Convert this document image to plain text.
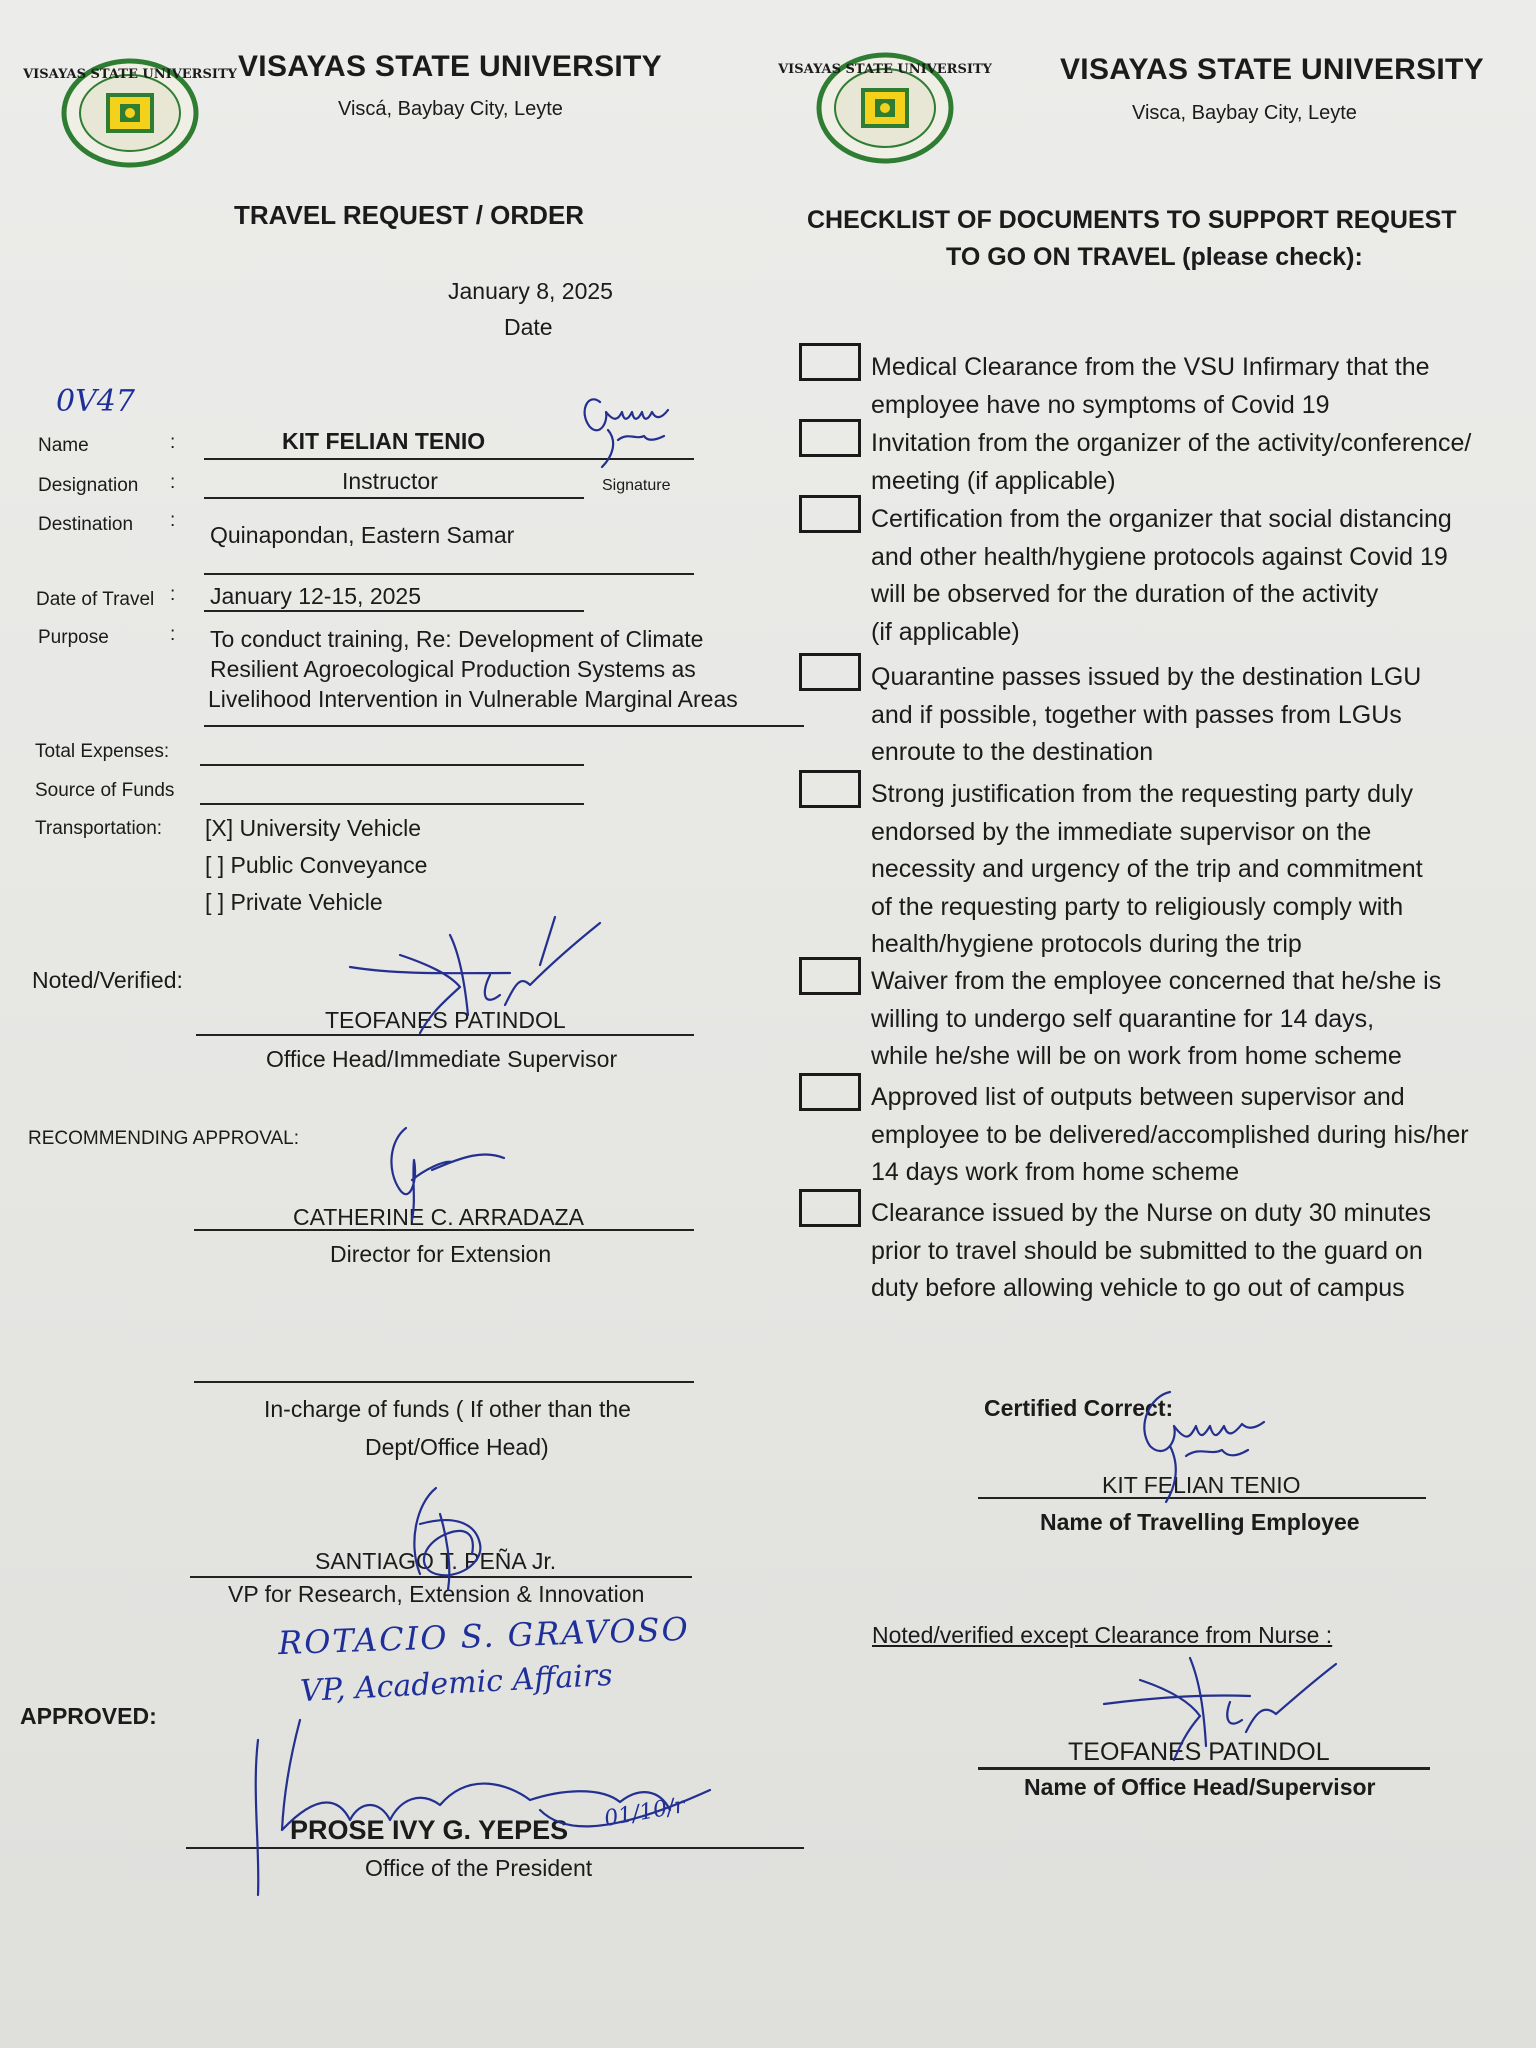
VISAYAS STATE UNIVERSITY	VISAYAS STATE UNIVERSITY
VISAYAS STATE UNIVERSITY
Viscá, Baybay City, Leyte
VISAYAS STATE UNIVERSITY
Visca, Baybay City, Leyte
TRAVEL REQUEST / ORDER
January 8, 2025
Date
0V47
Name	:	KIT FELIAN TENIO
Designation :	Instructor	Signature
Destination :
Quinapondan, Eastern Samar
Date of Travel : January 12-15, 2025
Purpose	: To conduct training, Re: Development of Climate
Resilient Agroecological Production Systems as
Livelihood Intervention in Vulnerable Marginal Areas
Total Expenses:
Source of Funds
Transportation: [X] University Vehicle
[ ] Public Conveyance
[ ] Private Vehicle
Noted/Verified:
TEOFANES PATINDOL
Office Head/Immediate Supervisor
RECOMMENDING APPROVAL:
CATHERINE C. ARRADAZA
Director for Extension
In-charge of funds ( If other than the
Dept/Office Head)
SANTIAGO T. PEÑA Jr.
VP for Research, Extension & Innovation
ROTACIO S. GRAVOSO
VP, Academic Affairs
01/10/r
APPROVED:
PROSE IVY G. YEPES
Office of the President
CHECKLIST OF DOCUMENTS TO SUPPORT REQUEST
TO GO ON TRAVEL (please check):
Medical Clearance from the VSU Infirmary that the
employee have no symptoms of Covid 19
Invitation from the organizer of the activity/conference/
meeting (if applicable)
Certification from the organizer that social distancing
and other health/hygiene protocols against Covid 19
will be observed for the duration of the activity
(if applicable)
Quarantine passes issued by the destination LGU
and if possible, together with passes from LGUs
enroute to the destination
Strong justification from the requesting party duly
endorsed by the immediate supervisor on the
necessity and urgency of the trip and commitment
of the requesting party to religiously comply with
health/hygiene protocols during the trip
Waiver from the employee concerned that he/she is
willing to undergo self quarantine for 14 days,
while he/she will be on work from home scheme
Approved list of outputs between supervisor and
employee to be delivered/accomplished during his/her
14 days work from home scheme
Clearance issued by the Nurse on duty 30 minutes
prior to travel should be submitted to the guard on
duty before allowing vehicle to go out of campus
Certified Correct:
KIT FELIAN TENIO
Name of Travelling Employee
Noted/verified except Clearance from Nurse :
TEOFANES PATINDOL
Name of Office Head/Supervisor
